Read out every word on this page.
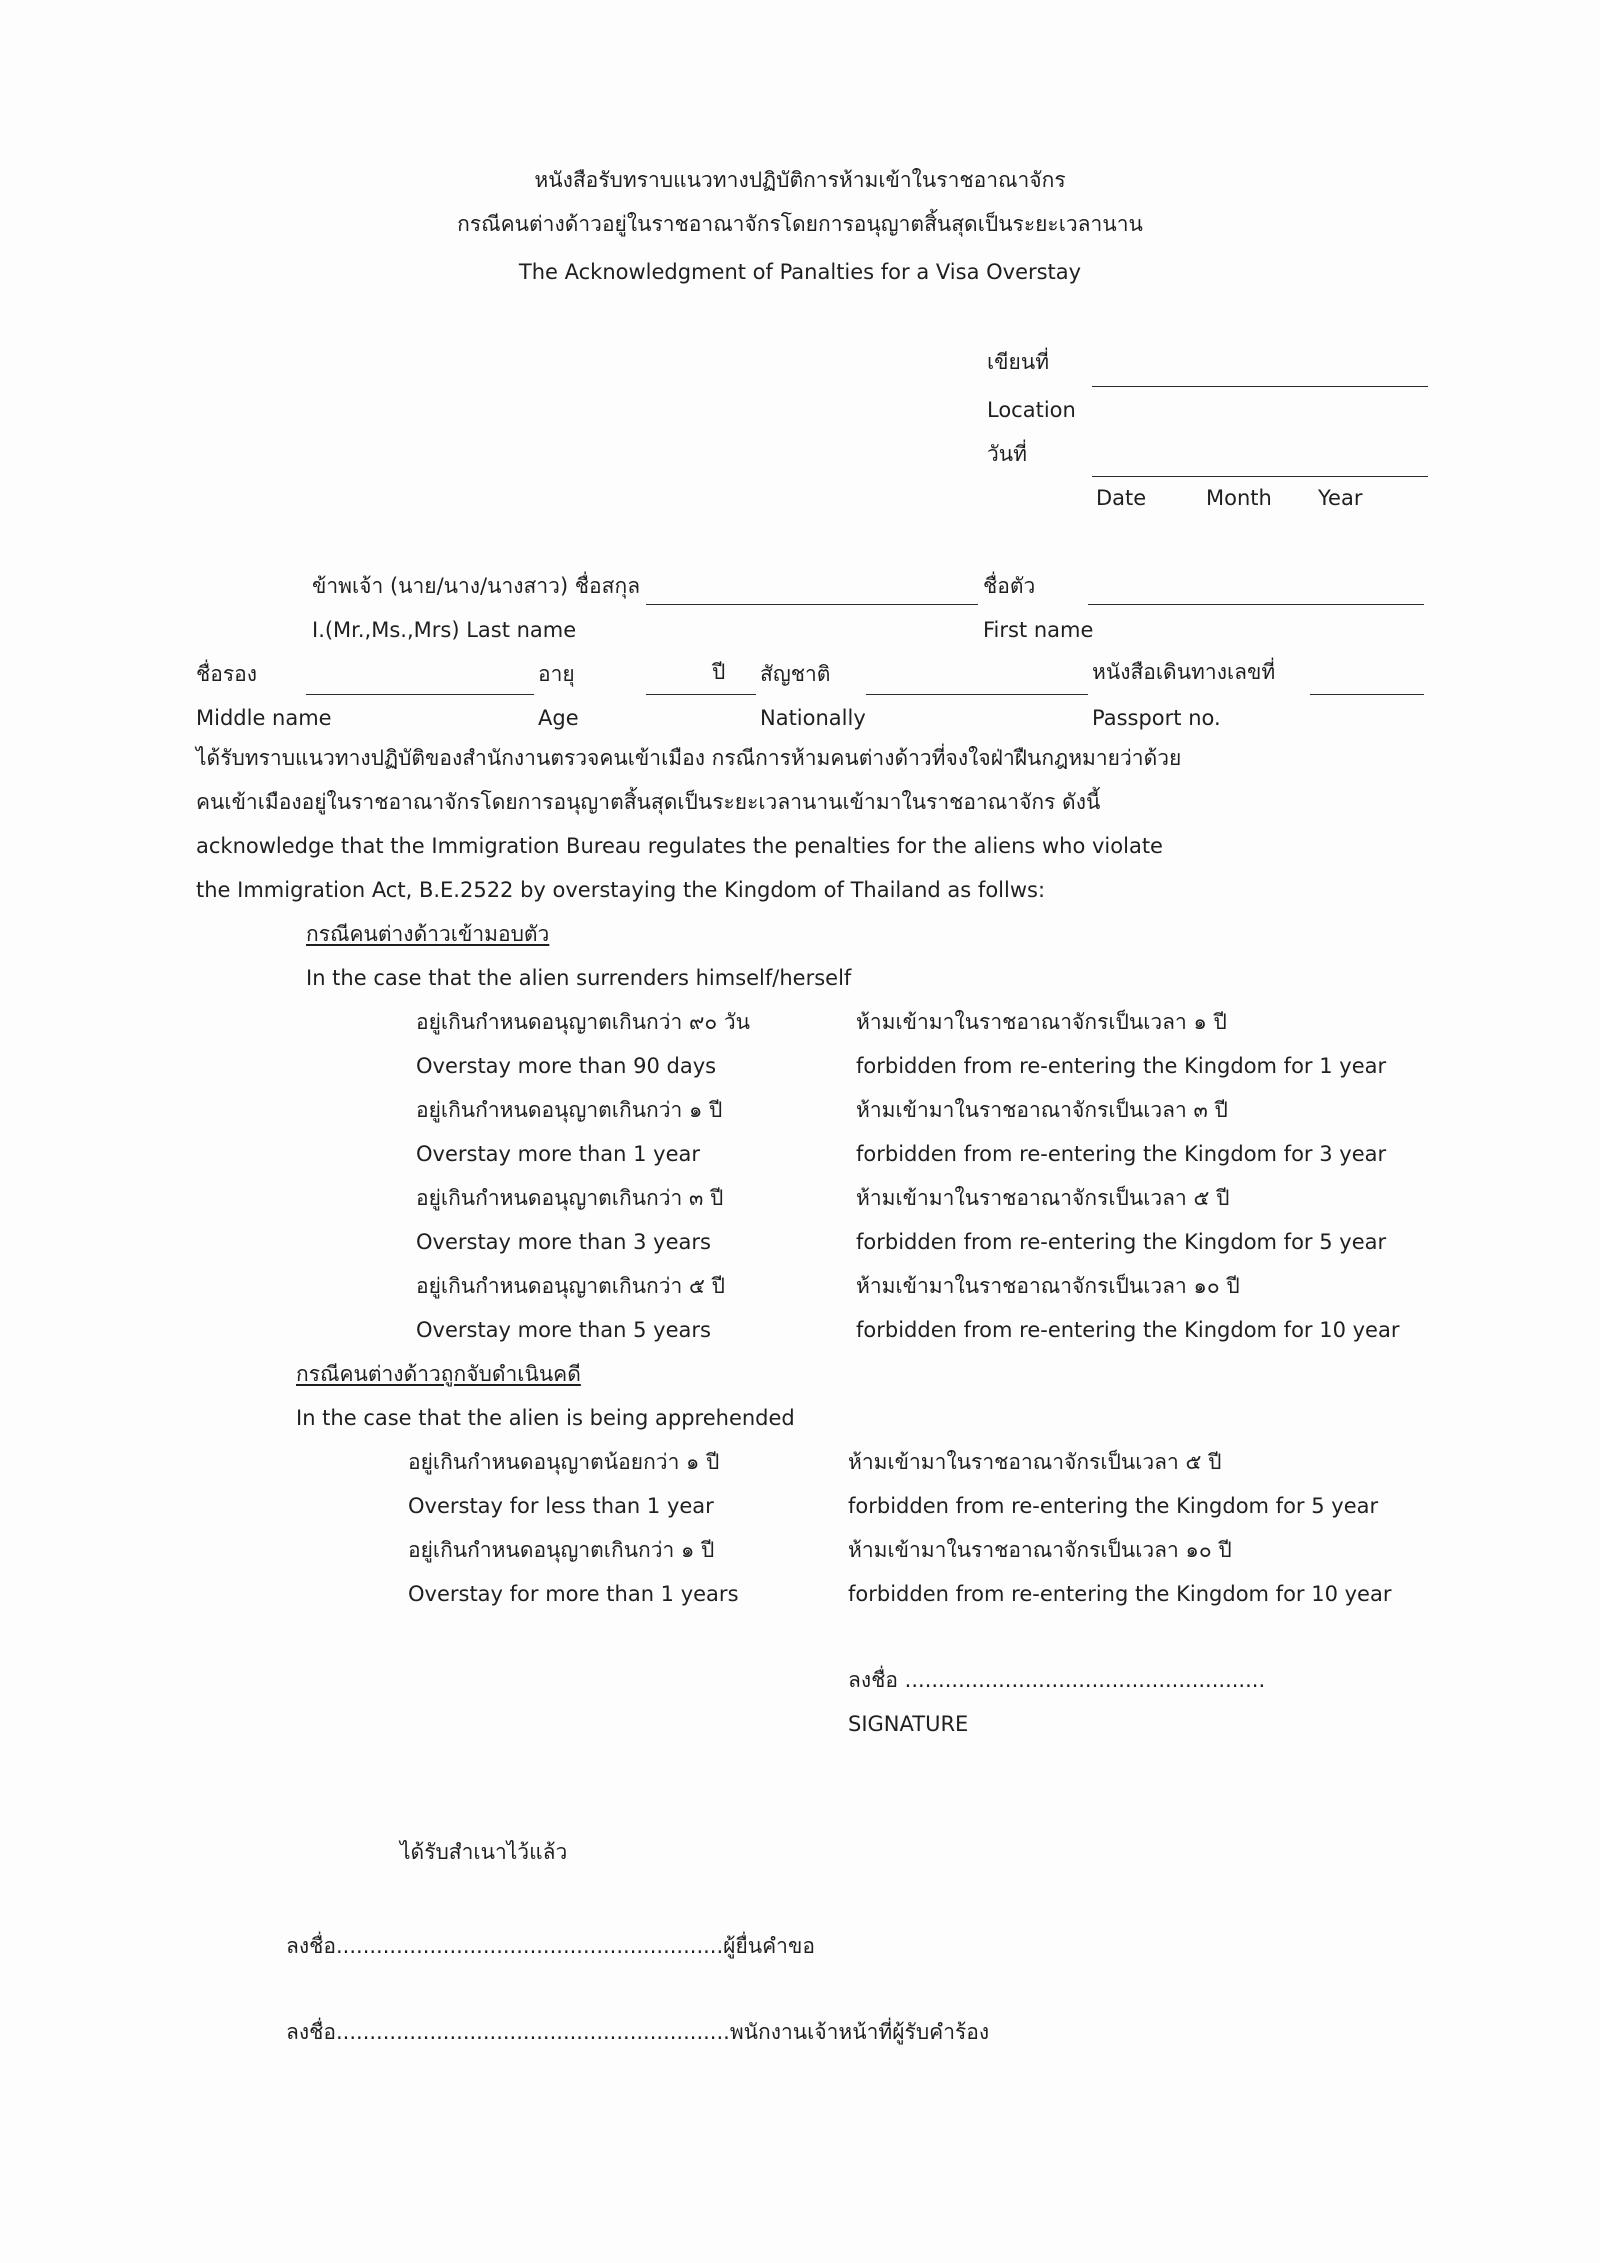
หนังสือรับทราบแนวทางปฏิบัติการห้ามเข้าในราชอาณาจักร
กรณีคนต่างด้าวอยู่ในราชอาณาจักรโดยการอนุญาตสิ้นสุดเป็นระยะเวลานาน
The Acknowledgment of Panalties for a Visa Overstay
เขียนที่
Location
วันที่
Date	Month Year
ข้าพเจ้า (นาย/นาง/นางสาว) ชื่อสกุล	ชื่อตัว
I.(Mr.,Ms.,Mrs) Last name	First name
ชื่อรอง	อายุ	ปี สัญชาติ	หนังสือเดินทางเลขที่
Middle name	Age	Nationally	Passport no.
ได้รับทราบแนวทางปฏิบัติของสำนักงานตรวจคนเข้าเมือง กรณีการห้ามคนต่างด้าวที่จงใจฝ่าฝืนกฎหมายว่าด้วย
คนเข้าเมืองอยู่ในราชอาณาจักรโดยการอนุญาตสิ้นสุดเป็นระยะเวลานานเข้ามาในราชอาณาจักร ดังนี้
acknowledge that the Immigration Bureau regulates the penalties for the aliens who violate
the Immigration Act, B.E.2522 by overstaying the Kingdom of Thailand as follws:
กรณีคนต่างด้าวเข้ามอบตัว
In the case that the alien surrenders himself/herself
อยู่เกินกำหนดอนุญาตเกินกว่า ๙๐ วัน	ห้ามเข้ามาในราชอาณาจักรเป็นเวลา ๑ ปี
Overstay more than 90 days	forbidden from re-entering the Kingdom for 1 year
อยู่เกินกำหนดอนุญาตเกินกว่า ๑ ปี	ห้ามเข้ามาในราชอาณาจักรเป็นเวลา ๓ ปี
Overstay more than 1 year	forbidden from re-entering the Kingdom for 3 year
อยู่เกินกำหนดอนุญาตเกินกว่า ๓ ปี	ห้ามเข้ามาในราชอาณาจักรเป็นเวลา ๕ ปี
Overstay more than 3 years	forbidden from re-entering the Kingdom for 5 year
อยู่เกินกำหนดอนุญาตเกินกว่า ๕ ปี	ห้ามเข้ามาในราชอาณาจักรเป็นเวลา ๑๐ ปี
Overstay more than 5 years	forbidden from re-entering the Kingdom for 10 year
กรณีคนต่างด้าวถูกจับดำเนินคดี
In the case that the alien is being apprehended
อยู่เกินกำหนดอนุญาตน้อยกว่า ๑ ปี	ห้ามเข้ามาในราชอาณาจักรเป็นเวลา ๕ ปี
Overstay for less than 1 year	forbidden from re-entering the Kingdom for 5 year
อยู่เกินกำหนดอนุญาตเกินกว่า ๑ ปี	ห้ามเข้ามาในราชอาณาจักรเป็นเวลา ๑๐ ปี
Overstay for more than 1 years	forbidden from re-entering the Kingdom for 10 year
ลงชื่อ ......................................................
SIGNATURE
ได้รับสำเนาไว้แล้ว
ลงชื่อ..........................................................ผู้ยื่นคำขอ
ลงชื่อ...........................................................พนักงานเจ้าหน้าที่ผู้รับคำร้อง
